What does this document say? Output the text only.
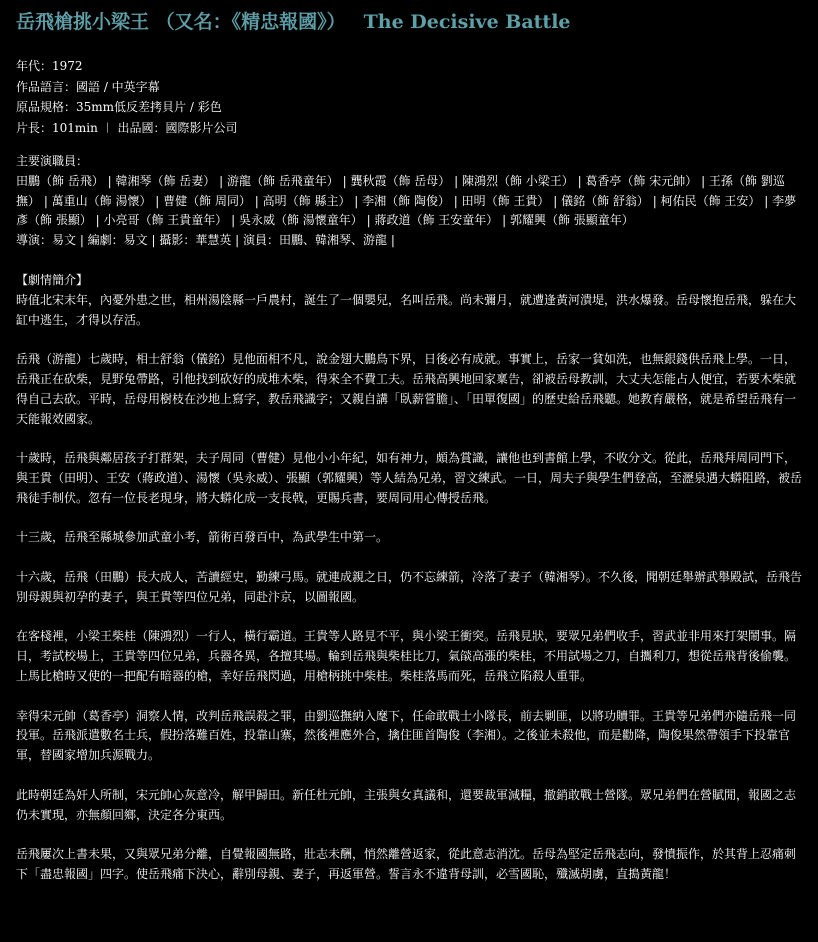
岳飛槍挑小梁王 （又名：《精忠報國》） The Decisive Battle
年代：1972
作品語言：國語 / 中英字幕
原品規格：35mm低反差拷貝片 / 彩色
片長：101min ︱ 出品國：國際影片公司
主要演職員：
田鵬（飾 岳飛） | 韓湘琴（飾 岳妻） | 游龍（飾 岳飛童年） | 龔秋霞（飾 岳母） | 陳鴻烈（飾 小梁王） | 葛香亭（飾 宋元帥） | 王孫（飾 劉巡撫） | 萬重山（飾 湯懷） | 曹健（飾 周同） | 高明（飾 縣主） | 李湘（飾 陶俊） | 田明（飾 王貴） | 儀銘（飾 舒翁） | 柯佑民（飾 王安） | 李夢彥（飾 張顯） | 小亮哥（飾 王貴童年） | 吳永威（飾 湯懷童年） | 蔣政道（飾 王安童年） | 郭耀興（飾 張顯童年）
導演：易文 | 編劇：易文 | 攝影：華慧英 | 演員：田鵬、韓湘琴、游龍 |
【劇情簡介】

時值北宋末年，內憂外患之世，相州湯陰縣一戶農村，誕生了一個嬰兒，名叫岳飛。尚未彌月，就遭逢黃河潰堤，洪水爆發。岳母懷抱岳飛，躲在大缸中逃生，才得以存活。

岳飛（游龍）七歲時，相士舒翁（儀銘）見他面相不凡，說金翅大鵬鳥下界，日後必有成就。事實上，岳家一貧如洗，也無銀錢供岳飛上學。一日，岳飛正在砍柴，見野兔帶路，引他找到砍好的成堆木柴，得來全不費工夫。岳飛高興地回家稟告，卻被岳母教訓，大丈夫怎能占人便宜，若要木柴就得自己去砍。平時，岳母用樹枝在沙地上寫字，教岳飛識字；又親自講「臥薪嘗膽」、「田單復國」的歷史給岳飛聽。她教育嚴格，就是希望岳飛有一天能報效國家。

十歲時，岳飛與鄰居孩子打群架，夫子周同（曹健）見他小小年紀，如有神力，頗為賞識，讓他也到書館上學，不收分文。從此，岳飛拜周同門下，與王貴（田明）、王安（蔣政道）、湯懷（吳永威）、張顯（郭耀興）等人結為兄弟，習文練武。一日，周夫子與學生們登高，至瀝泉遇大蟒阻路，被岳飛徒手制伏。忽有一位長老現身，將大蟒化成一支長戟，更賜兵書，要周同用心傳授岳飛。

十三歲，岳飛至縣城參加武童小考，箭術百發百中，為武學生中第一。

十六歲，岳飛（田鵬）長大成人，苦讀經史，勤練弓馬。就連成親之日，仍不忘練箭，冷落了妻子（韓湘琴）。不久後，聞朝廷舉辦武舉殿試，岳飛告別母親與初孕的妻子，與王貴等四位兄弟，同赴汴京，以圖報國。

在客棧裡，小梁王柴桂（陳鴻烈）一行人，橫行霸道。王貴等人路見不平，與小梁王衝突。岳飛見狀，要眾兄弟們收手，習武並非用來打架鬧事。隔日，考試校場上，王貴等四位兄弟，兵器各異，各擅其場。輪到岳飛與柴桂比刀，氣燄高漲的柴桂，不用試場之刀，自攜利刀，想從岳飛背後偷襲。上馬比槍時又使的一把配有暗器的槍，幸好岳飛閃過，用槍柄挑中柴桂。柴桂落馬而死，岳飛立陷殺人重罪。

幸得宋元帥（葛香亭）洞察人情，改判岳飛誤殺之罪，由劉巡撫納入麾下，任命敢戰士小隊長，前去剿匪，以將功贖罪。王貴等兄弟們亦隨岳飛一同投軍。岳飛派遣數名士兵，假扮落難百姓，投靠山寨，然後裡應外合，擒住匪首陶俊（李湘）。之後並未殺他，而是勸降，陶俊果然帶領手下投靠官軍，替國家增加兵源戰力。

此時朝廷為奸人所制，宋元帥心灰意冷，解甲歸田。新任杜元帥，主張與女真議和，還要裁軍減糧，撤銷敢戰士營隊。眾兄弟們在營賦閒，報國之志仍未實現，亦無顏回鄉，決定各分東西。

岳飛屢次上書未果，又與眾兄弟分離，自覺報國無路，壯志未酬，悄然離營返家，從此意志消沈。岳母為堅定岳飛志向，發憤振作，於其背上忍痛刺下「盡忠報國」四字。使岳飛痛下決心，辭別母親、妻子，再返軍營。誓言永不違背母訓，必雪國恥，殲滅胡虜，直搗黃龍！
